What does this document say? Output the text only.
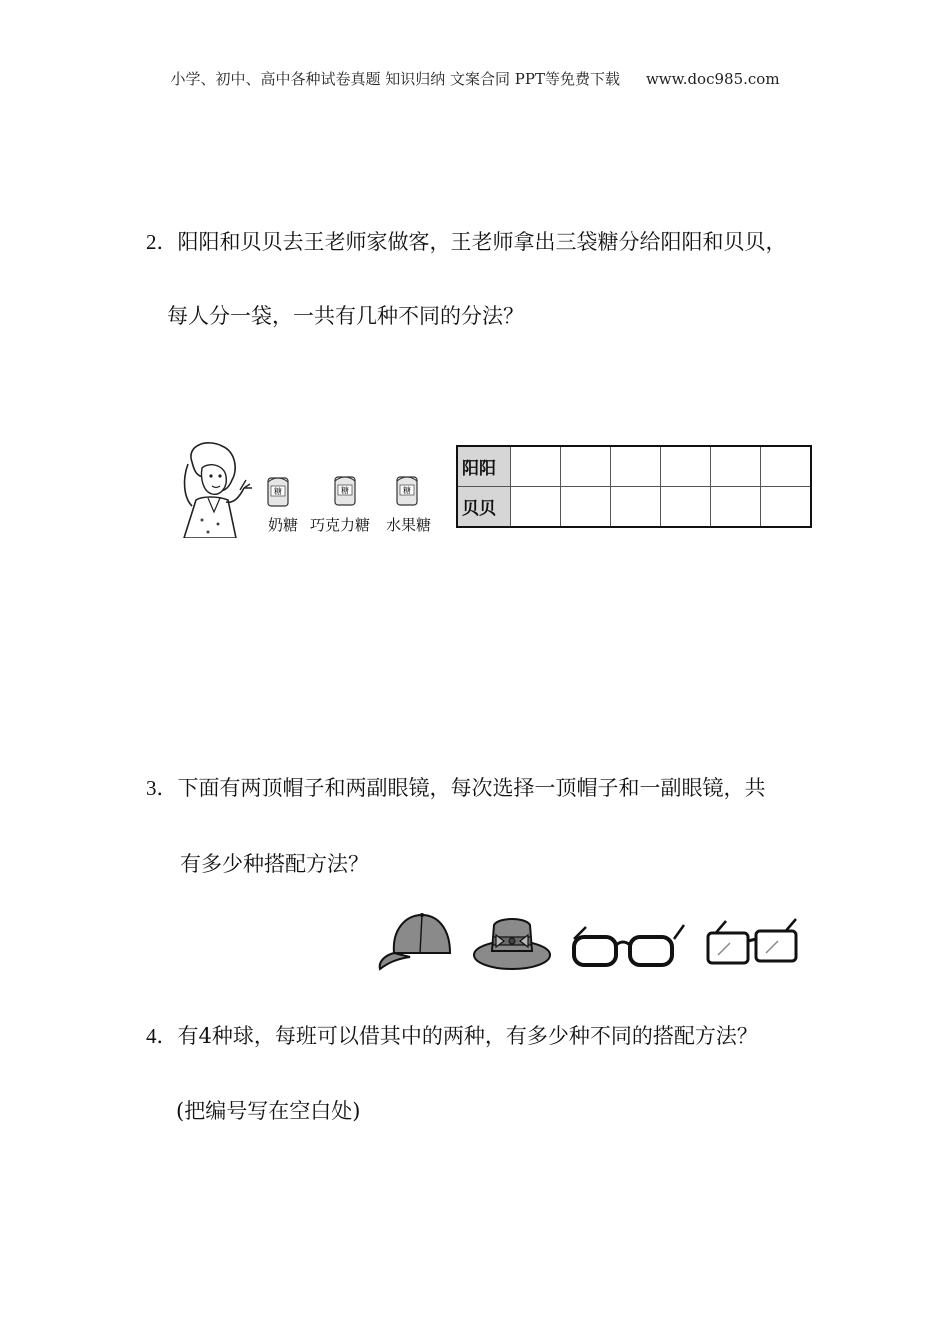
小学、初中、高中各种试卷真题 知识归纳 文案合同 PPT等免费下载 www.doc985.com
2．阳阳和贝贝去王老师家做客，王老师拿出三袋糖分给阳阳和贝贝，
每人分一袋，一共有几种不同的分法？
糖	糖	糖
奶糖 巧克力糖 水果糖
阳阳						
贝贝						
3．下面有两顶帽子和两副眼镜，每次选择一顶帽子和一副眼镜，共
有多少种搭配方法？
4．有4种球，每班可以借其中的两种，有多少种不同的搭配方法？
(把编号写在空白处)
